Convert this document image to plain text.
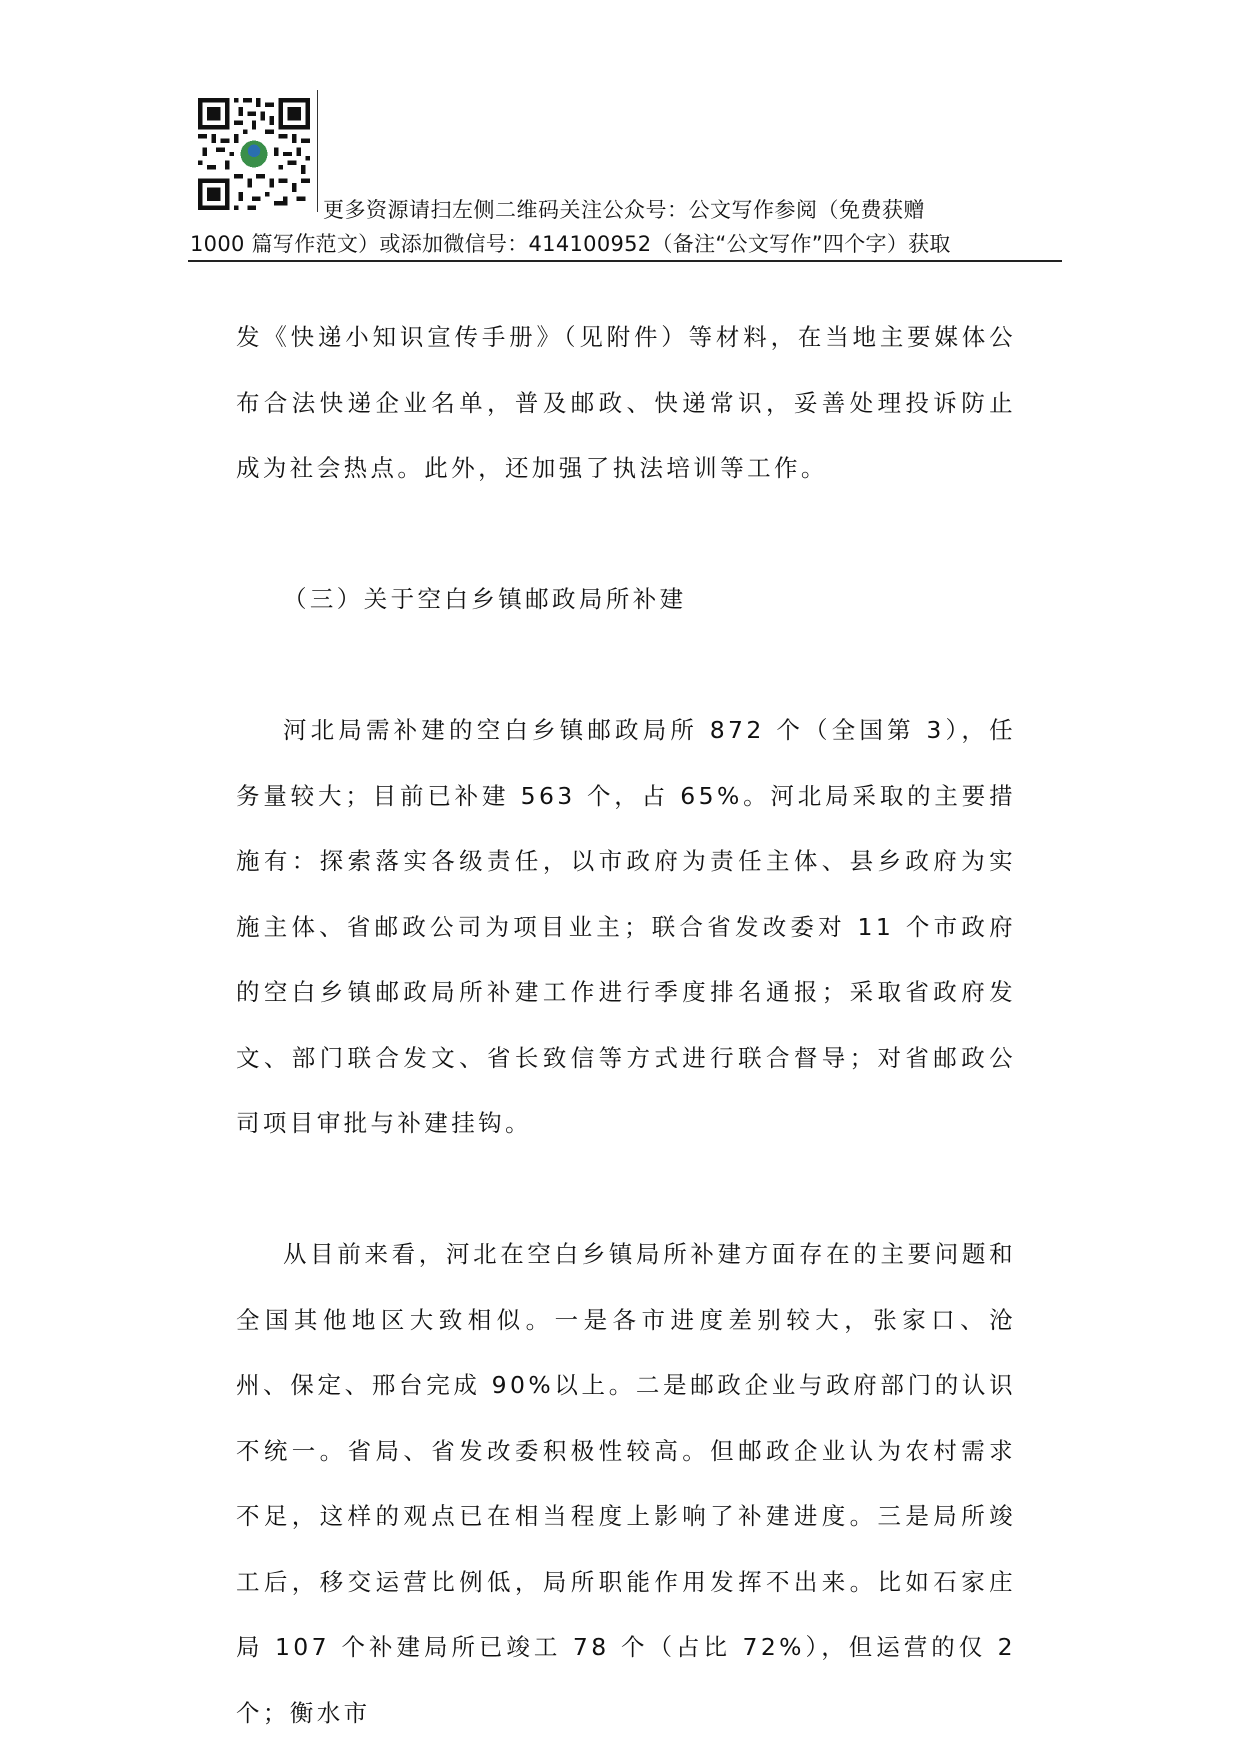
更多资源请扫左侧二维码关注公众号：公文写作参阅（免费获赠
1000 篇写作范文）或添加微信号：414100952（备注“公文写作”四个字）获取

发《快递小知识宣传手册》（见附件）等材料，在当地主要媒体公布合法快递企业名单，普及邮政、快递常识，妥善处理投诉防止成为社会热点。此外，还加强了执法培训等工作。

（三）关于空白乡镇邮政局所补建

河北局需补建的空白乡镇邮政局所 872 个（全国第 3），任务量较大；目前已补建 563 个，占 65%。河北局采取的主要措施有：探索落实各级责任，以市政府为责任主体、县乡政府为实施主体、省邮政公司为项目业主；联合省发改委对 11 个市政府的空白乡镇邮政局所补建工作进行季度排名通报；采取省政府发文、部门联合发文、省长致信等方式进行联合督导；对省邮政公司项目审批与补建挂钩。

从目前来看，河北在空白乡镇局所补建方面存在的主要问题和全国其他地区大致相似。一是各市进度差别较大，张家口、沧州、保定、邢台完成 90%以上。二是邮政企业与政府部门的认识不统一。省局、省发改委积极性较高。但邮政企业认为农村需求不足，这样的观点已在相当程度上影响了补建进度。三是局所竣工后，移交运营比例低，局所职能作用发挥不出来。比如石家庄局 107 个补建局所已竣工 78 个（占比 72%），但运营的仅 2 个；衡水市
